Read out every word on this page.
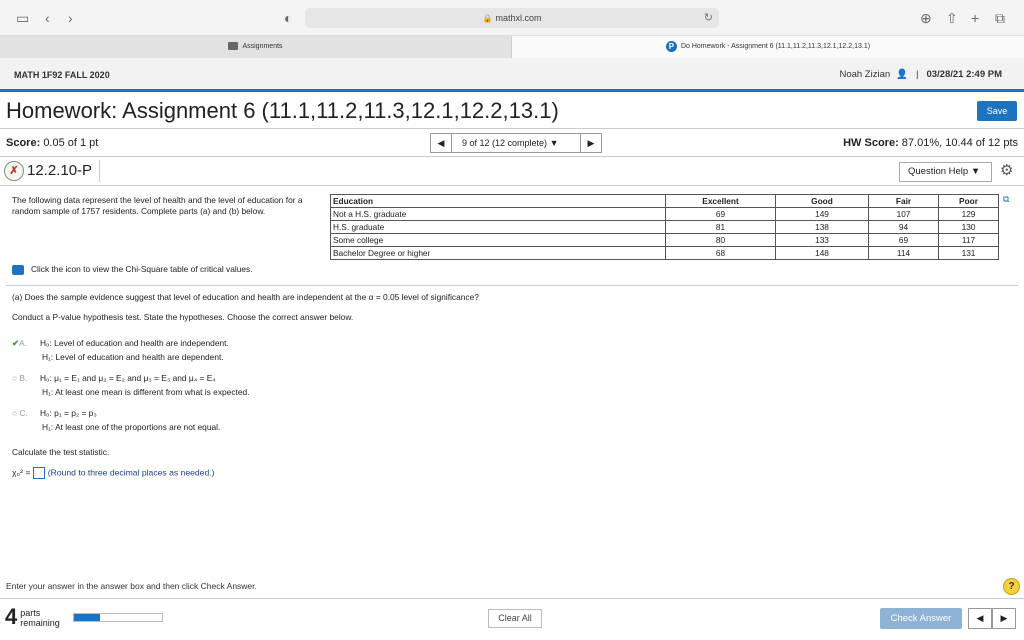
▭ ‹ ›	◐	🔒 mathxl.com	↻	⊕ ⇧ + ⧉
Assignments	P Do Homework - Assignment 6 (11.1,11.2,11.3,12.1,12.2,13.1)
MATH 1F92 FALL 2020	Noah Zizian 👤 | 03/28/21 2:49 PM
Homework: Assignment 6 (11.1,11.2,11.3,12.1,12.2,13.1)	Save
Score: 0.05 of 1 pt	◀ 9 of 12 (12 complete) ▼	▶	HW Score: 87.01%, 10.44 of 12 pts
✗ 12.2.10-P	Question Help ▼	⚙
The following data represent the level of health and the level of education for a random sample of 1757 residents. Complete parts (a) and (b) below.
Education	Excellent	Good	Fair	Poor
Not a H.S. graduate	69	149	107	129
H.S. graduate	81	138	94	130
Some college	80	133	69	117
Bachelor Degree or higher	68	148	114	131
⧉
Click the icon to view the Chi-Square table of critical values.
(a) Does the sample evidence suggest that level of education and health are independent at the α = 0.05 level of significance?
Conduct a P-value hypothesis test. State the hypotheses. Choose the correct answer below.
✔A. H₀: Level of education and health are independent.
H₁: Level of education and health are dependent.
○ B. H₀: μ₁ = E₁ and μ₂ = E₂ and μ₃ = E₃ and μ₄ = E₄
H₁: At least one mean is different from what is expected.
○ C. H₀: p₁ = p₂ = p₃
H₁: At least one of the proportions are not equal.
Calculate the test statistic.
χ₀² = (Round to three decimal places as needed.)
Enter your answer in the answer box and then click Check Answer.	?
4 parts
remaining	Clear All	Check Answer	◀ ▶
